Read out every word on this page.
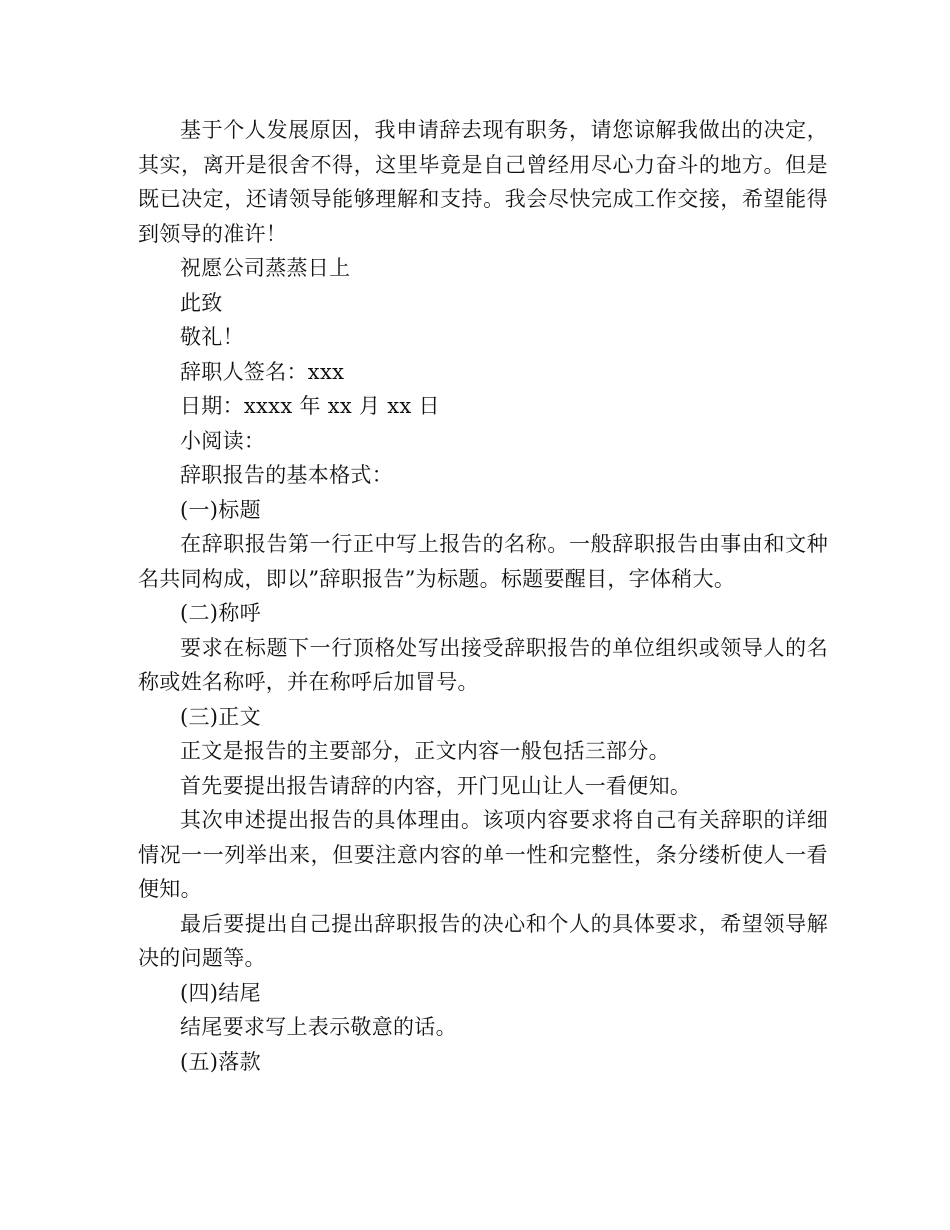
基于个人发展原因，我申请辞去现有职务，请您谅解我做出的决定，其实，离开是很舍不得，这里毕竟是自己曾经用尽心力奋斗的地方。但是既已决定，还请领导能够理解和支持。我会尽快完成工作交接，希望能得到领导的准许！

祝愿公司蒸蒸日上

此致

敬礼！

辞职人签名：xxx

日期：xxxx 年 xx 月 xx 日

小阅读：

辞职报告的基本格式：

(一)标题

在辞职报告第一行正中写上报告的名称。一般辞职报告由事由和文种名共同构成，即以”辞职报告”为标题。标题要醒目，字体稍大。

(二)称呼

要求在标题下一行顶格处写出接受辞职报告的单位组织或领导人的名称或姓名称呼，并在称呼后加冒号。

(三)正文

正文是报告的主要部分，正文内容一般包括三部分。

首先要提出报告请辞的内容，开门见山让人一看便知。

其次申述提出报告的具体理由。该项内容要求将自己有关辞职的详细情况一一列举出来，但要注意内容的单一性和完整性，条分缕析使人一看便知。

最后要提出自己提出辞职报告的决心和个人的具体要求，希望领导解决的问题等。

(四)结尾

结尾要求写上表示敬意的话。

(五)落款
